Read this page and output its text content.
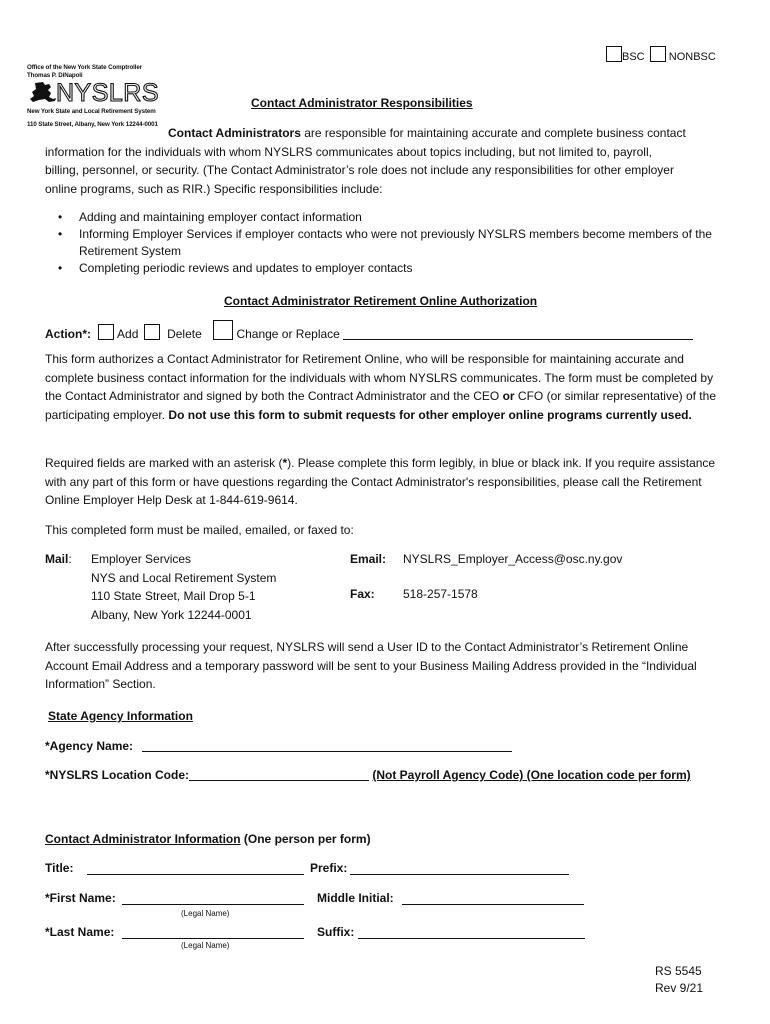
BSC NONBSC
Office of the New York State Comptroller
Thomas P. DiNapoli
NYSLRS
New York State and Local Retirement System
110 State Street, Albany, New York 12244-0001
Contact Administrator Responsibilities

Contact Administrators are responsible for maintaining accurate and complete business contact

information for the individuals with whom NYSLRS communicates about topics including, but not limited to, payroll,

billing, personnel, or security. (The Contact Administrator’s role does not include any responsibilities for other employer

online programs, such as RIR.) Specific responsibilities include:

• Adding and maintaining employer contact information
• Informing Employer Services if employer contacts who were not previously NYSLRS members become members of the Retirement System
• Completing periodic reviews and updates to employer contacts
Contact Administrator Retirement Online Authorization
Action*: Add Delete	Change or Replace

This form authorizes a Contact Administrator for Retirement Online, who will be responsible for maintaining accurate and complete business contact information for the individuals with whom NYSLRS communicates. The form must be completed by the Contact Administrator and signed by both the Contract Administrator and the CEO or CFO (or similar representative) of the participating employer. Do not use this form to submit requests for other employer online programs currently used.

Required fields are marked with an asterisk (*). Please complete this form legibly, in blue or black ink. If you require assistance with any part of this form or have questions regarding the Contact Administrator's responsibilities, please call the Retirement Online Employer Help Desk at 1-844-619-9614.

This completed form must be mailed, emailed, or faxed to:

Mail: Employer Services
NYS and Local Retirement System
110 State Street, Mail Drop 5-1
Albany, New York 12244-0001
Email: NYSLRS_Employer_Access@osc.ny.gov
Fax: 518-257-1578

After successfully processing your request, NYSLRS will send a User ID to the Contact Administrator’s Retirement Online Account Email Address and a temporary password will be sent to your Business Mailing Address provided in the “Individual Information” Section.

State Agency Information
*Agency Name:
*NYSLRS Location Code:	(Not Payroll Agency Code) (One location code per form)
Contact Administrator Information (One person per form)
Title:	Prefix:
*First Name:
(Legal Name)
Middle Initial:
*Last Name:
(Legal Name)
Suffix:
RS 5545
Rev 9/21
